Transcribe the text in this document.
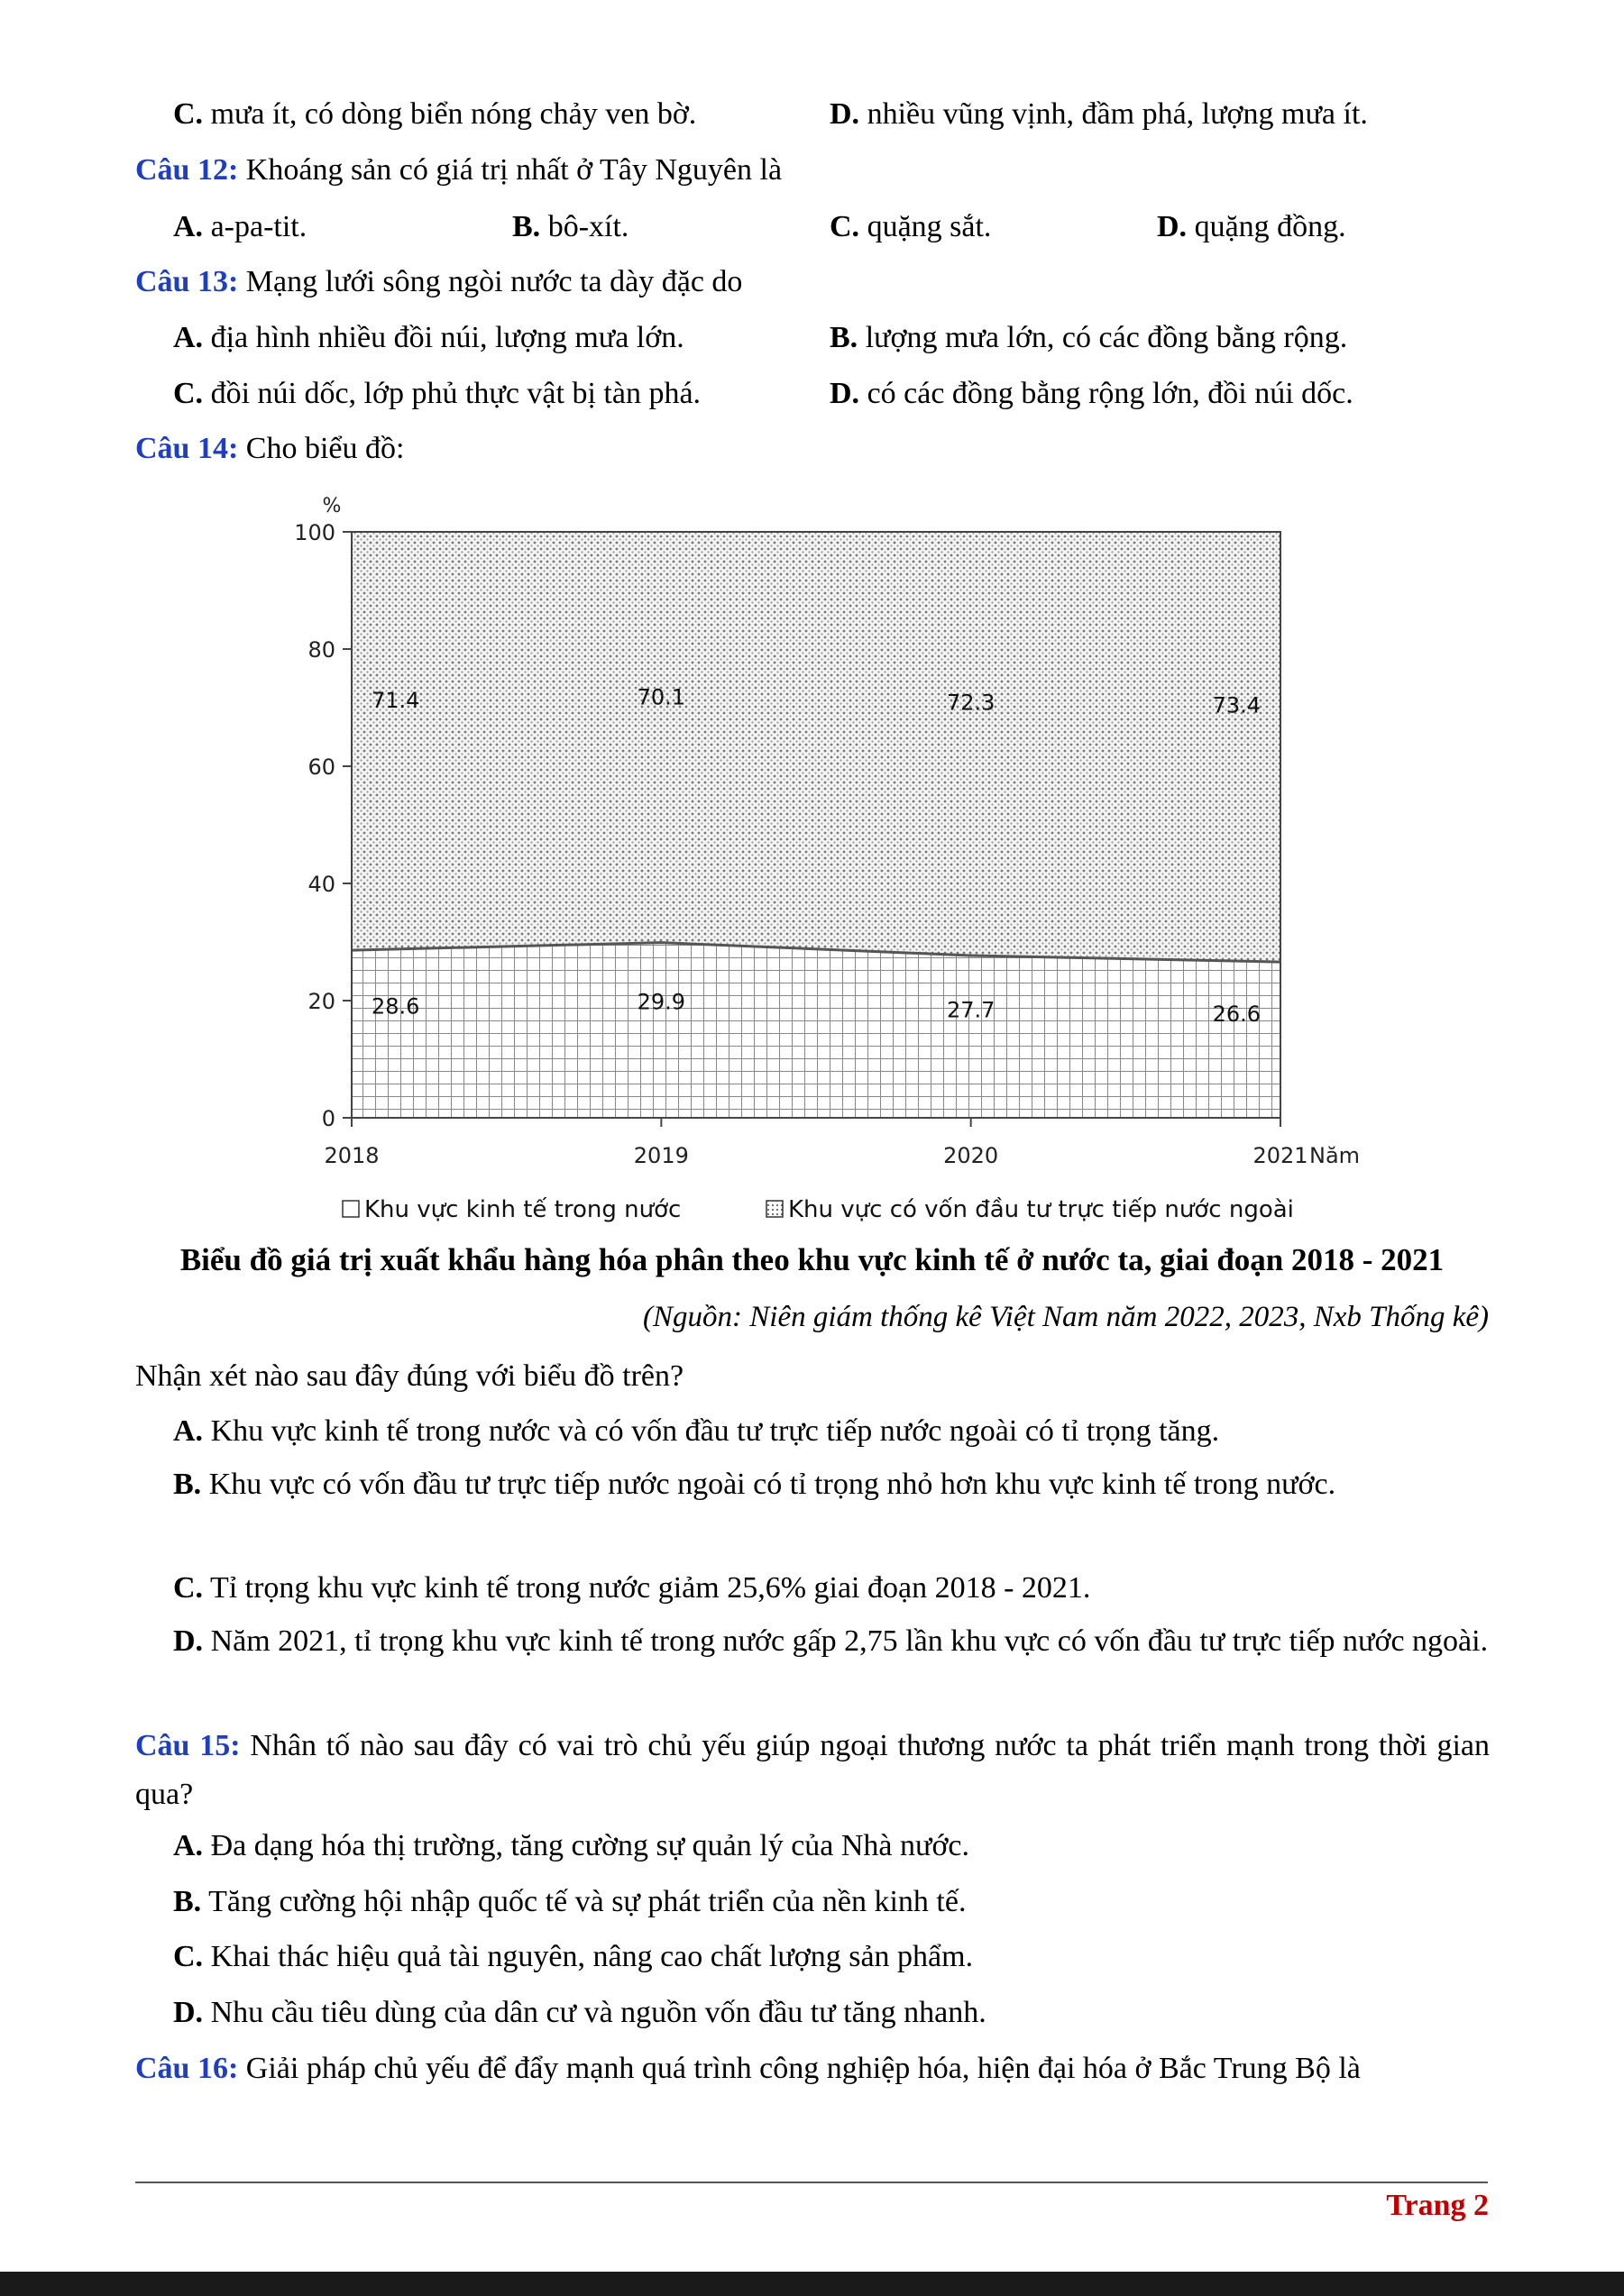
C. mưa ít, có dòng biển nóng chảy ven bờ.	D. nhiều vũng vịnh, đầm phá, lượng mưa ít.
Câu 12: Khoáng sản có giá trị nhất ở Tây Nguyên là
A. a-pa-tit.	B. bô-xít.	C. quặng sắt.	D. quặng đồng.
Câu 13: Mạng lưới sông ngòi nước ta dày đặc do
A. địa hình nhiều đồi núi, lượng mưa lớn.	B. lượng mưa lớn, có các đồng bằng rộng.
C. đồi núi dốc, lớp phủ thực vật bị tàn phá.	D. có các đồng bằng rộng lớn, đồi núi dốc.
Câu 14: Cho biểu đồ:
0
20
40
60
80
100
%
2018	2019	2020	2021 Năm
28.6	29.9	27.7	26.6
71.4	70.1	72.3	73.4
Khu vực kinh tế trong nước	Khu vực có vốn đầu tư trực tiếp nước ngoài
Biểu đồ giá trị xuất khẩu hàng hóa phân theo khu vực kinh tế ở nước ta, giai đoạn 2018 - 2021
(Nguồn: Niên giám thống kê Việt Nam năm 2022, 2023, Nxb Thống kê)
Nhận xét nào sau đây đúng với biểu đồ trên?
A. Khu vực kinh tế trong nước và có vốn đầu tư trực tiếp nước ngoài có tỉ trọng tăng.
B. Khu vực có vốn đầu tư trực tiếp nước ngoài có tỉ trọng nhỏ hơn khu vực kinh tế trong nước.
C. Tỉ trọng khu vực kinh tế trong nước giảm 25,6% giai đoạn 2018 - 2021.
D. Năm 2021, tỉ trọng khu vực kinh tế trong nước gấp 2,75 lần khu vực có vốn đầu tư trực tiếp nước ngoài.
Câu 15: Nhân tố nào sau đây có vai trò chủ yếu giúp ngoại thương nước ta phát triển mạnh trong thời gian qua?
A. Đa dạng hóa thị trường, tăng cường sự quản lý của Nhà nước.
B. Tăng cường hội nhập quốc tế và sự phát triển của nền kinh tế.
C. Khai thác hiệu quả tài nguyên, nâng cao chất lượng sản phẩm.
D. Nhu cầu tiêu dùng của dân cư và nguồn vốn đầu tư tăng nhanh.
Câu 16: Giải pháp chủ yếu để đẩy mạnh quá trình công nghiệp hóa, hiện đại hóa ở Bắc Trung Bộ là
Trang 2
